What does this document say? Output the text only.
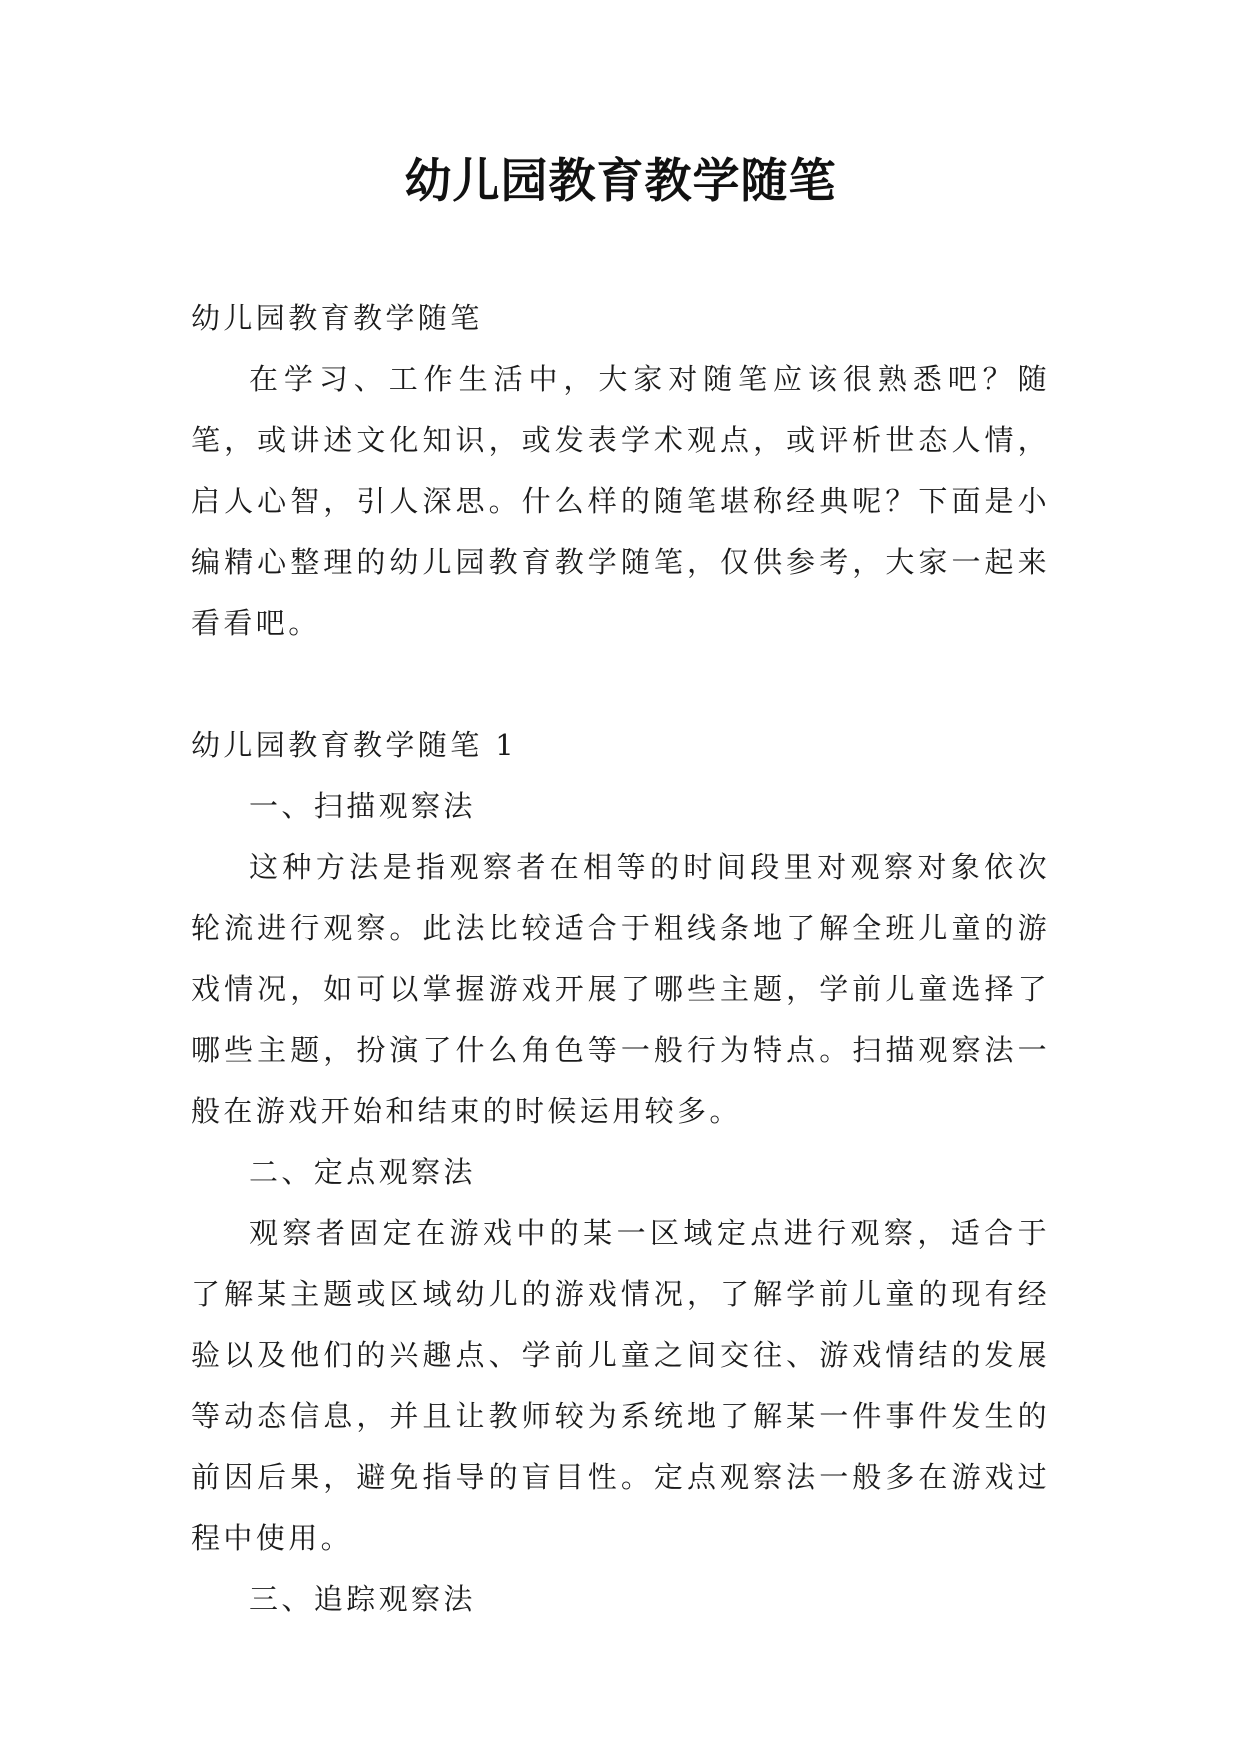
幼儿园教育教学随笔

幼儿园教育教学随笔

在学习、工作生活中，大家对随笔应该很熟悉吧？随笔，或讲述文化知识，或发表学术观点，或评析世态人情，启人心智，引人深思。什么样的随笔堪称经典呢？下面是小编精心整理的幼儿园教育教学随笔，仅供参考，大家一起来看看吧。

幼儿园教育教学随笔 1

一、扫描观察法

这种方法是指观察者在相等的时间段里对观察对象依次轮流进行观察。此法比较适合于粗线条地了解全班儿童的游戏情况，如可以掌握游戏开展了哪些主题，学前儿童选择了哪些主题，扮演了什么角色等一般行为特点。扫描观察法一般在游戏开始和结束的时候运用较多。

二、定点观察法

观察者固定在游戏中的某一区域定点进行观察，适合于了解某主题或区域幼儿的游戏情况，了解学前儿童的现有经验以及他们的兴趣点、学前儿童之间交往、游戏情结的发展等动态信息，并且让教师较为系统地了解某一件事件发生的前因后果，避免指导的盲目性。定点观察法一般多在游戏过程中使用。

三、追踪观察法
